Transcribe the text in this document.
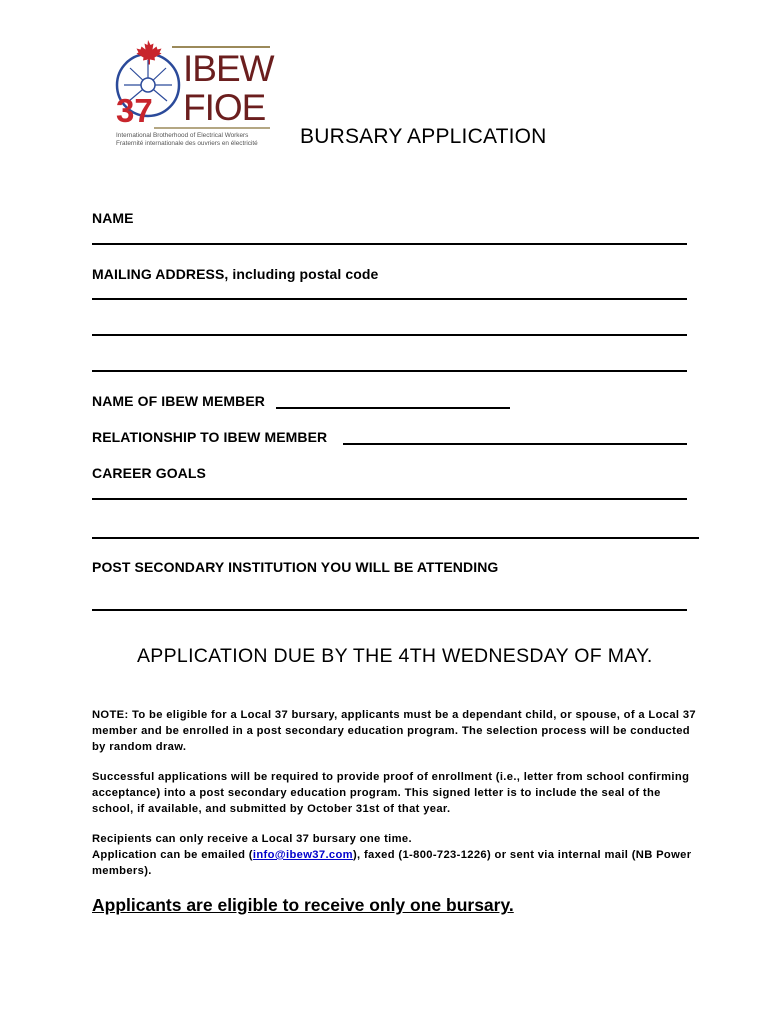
IBEW
FIOE
37
International Brotherhood of Electrical Workers
Fraternité internationale des ouvriers en électricité	BURSARY APPLICATION
NAME
MAILING ADDRESS, including postal code
NAME OF IBEW MEMBER
RELATIONSHIP TO IBEW MEMBER
CAREER GOALS
POST SECONDARY INSTITUTION YOU WILL BE ATTENDING
APPLICATION DUE BY THE 4TH WEDNESDAY OF MAY.
NOTE: To be eligible for a Local 37 bursary, applicants must be a dependant child, or spouse, of a Local 37 member and be enrolled in a post secondary education program. The selection process will be conducted by random draw.
Successful applications will be required to provide proof of enrollment (i.e., letter from school confirming acceptance) into a post secondary education program. This signed letter is to include the seal of the school, if available, and submitted by October 31st of that year.
Recipients can only receive a Local 37 bursary one time.
Application can be emailed (info@ibew37.com), faxed (1-800-723-1226) or sent via internal mail (NB Power members).
Applicants are eligible to receive only one bursary.
